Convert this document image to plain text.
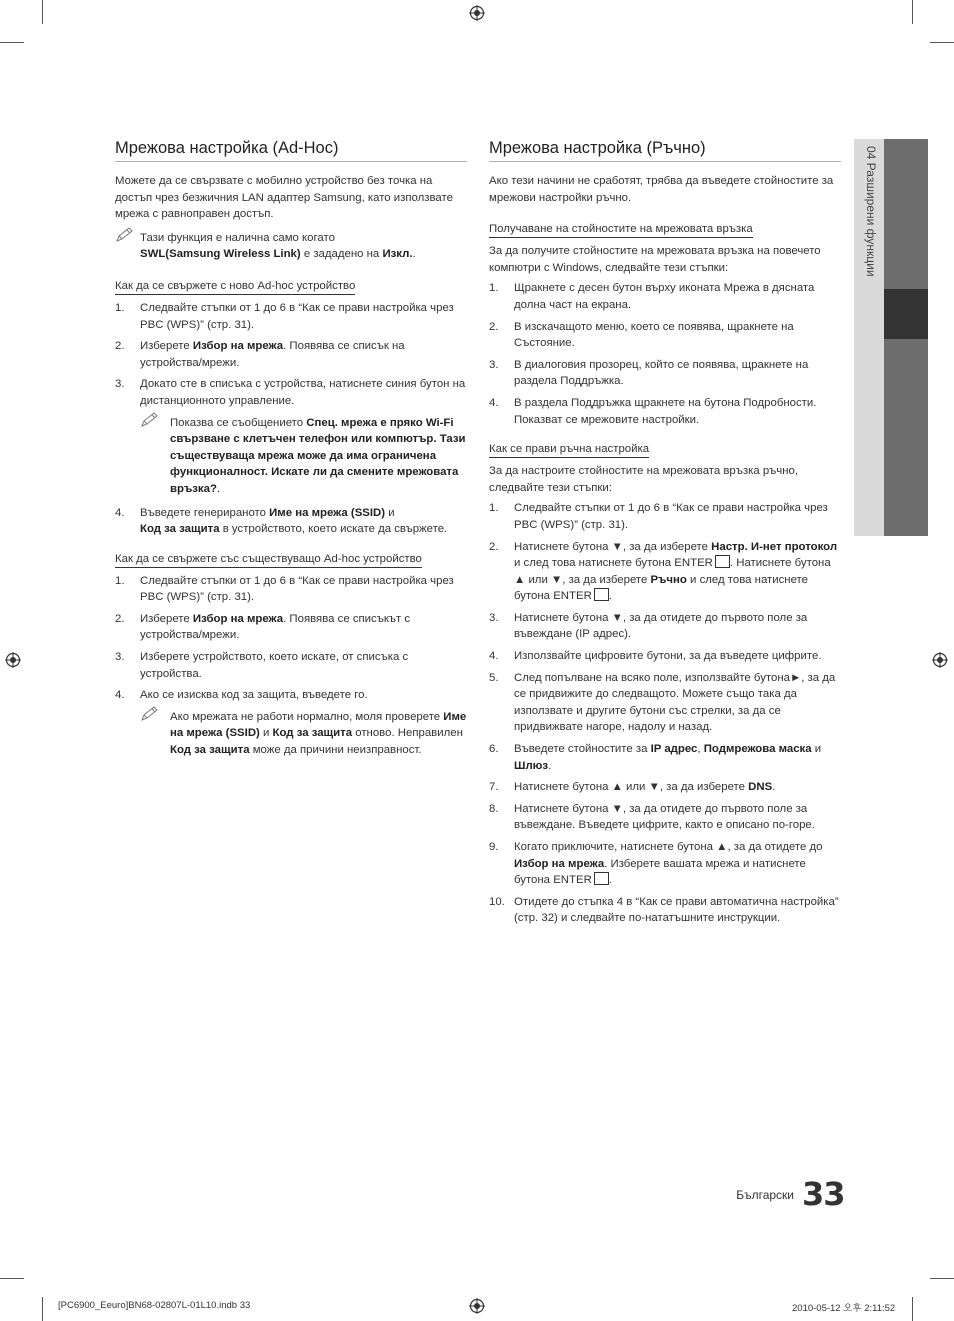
04 Разширени функции
Мрежова настройка (Ad-Hoc)

Можете да се свързвате с мобилно устройство без точка на достъп чрез безжичния LAN адаптер Samsung, като използвате мрежа с равноправен достъп.

Тази функция е налична само когато
SWL(Samsung Wireless Link) е зададено на Изкл..
Как да се свържете с ново Ad-hoc устройство
1. Следвайте стъпки от 1 до 6 в “Как се прави настройка чрез PBC (WPS)” (стр. 31).
2. Изберете Избор на мрежа. Появява се списък на устройства/мрежи.
3. Докато сте в списъка с устройства, натиснете синия бутон на дистанционното управление.
Показва се съобщението Спец. мрежа е пряко Wi-Fi свързване с клетъчен телефон или компютър. Тази съществуваща мрежа може да има ограничена функционалност. Искате ли да смените мрежовата връзка?.
4. Въведете генерираното Име на мрежа (SSID) и
Код за защита в устройството, което искате да свържете.
Как да се свържете със съществуващо Ad-hoc устройство
1. Следвайте стъпки от 1 до 6 в “Как се прави настройка чрез PBC (WPS)” (стр. 31).
2. Изберете Избор на мрежа. Появява се списъкът с устройства/мрежи.
3. Изберете устройството, което искате, от списъка с устройства.
4. Ако се изисква код за защита, въведете го.
Ако мрежата не работи нормално, моля проверете Име на мрежа (SSID) и Код за защита отново. Неправилен Код за защита може да причини неизправност.
Мрежова настройка (Ръчно)

Ако тези начини не сработят, трябва да въведете стойностите за мрежови настройки ръчно.

Получаване на стойностите на мрежовата връзка

За да получите стойностите на мрежовата връзка на повечето компютри с Windows, следвайте тези стъпки:

1. Щракнете с десен бутон върху иконата Мрежа в дясната долна част на екрана.
2. В изскачащото меню, което се появява, щракнете на Състояние.
3. В диалоговия прозорец, който се появява, щракнете на раздела Поддръжка.
4. В раздела Поддръжка щракнете на бутона Подробности. Показват се мрежовите настройки.
Как се прави ръчна настройка

За да настроите стойностите на мрежовата връзка ръчно, следвайте тези стъпки:

1. Следвайте стъпки от 1 до 6 в “Как се прави настройка чрез PBC (WPS)” (стр. 31).
2. Натиснете бутона ▼, за да изберете Настр. И-нет протокол и след това натиснете бутона ENTER . Натиснете бутона ▲ или ▼, за да изберете Ръчно и след това натиснете бутона ENTER .
3. Натиснете бутона ▼, за да отидете до първото поле за въвеждане (IP адрес).
4. Използвайте цифровите бутони, за да въведете цифрите.
5. След попълване на всяко поле, използвайте бутона►, за да се придвижите до следващото. Можете също така да използвате и другите бутони със стрелки, за да се придвижвате нагоре, надолу и назад.
6. Въведете стойностите за IP адрес, Подмрежова маска и Шлюз.
7. Натиснете бутона ▲ или ▼, за да изберете DNS.
8. Натиснете бутона ▼, за да отидете до първото поле за въвеждане. Въведете цифрите, както е описано по-горе.
9. Когато приключите, натиснете бутона ▲, за да отидете до Избор на мрежа. Изберете вашата мрежа и натиснете бутона ENTER .
10. Отидете до стъпка 4 в “Как се прави автоматична настройка” (стр. 32) и следвайте по-нататъшните инструкции.
Български 33
[PC6900_Eeuro]BN68-02807L-01L10.indb 33	2010-05-12 오후 2:11:52
